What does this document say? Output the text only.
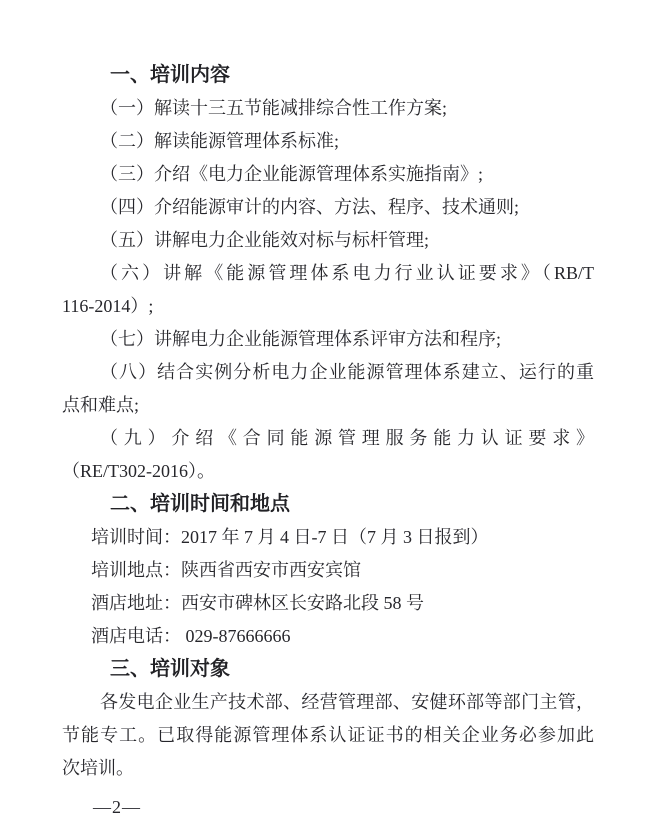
一、培训内容
（一）解读十三五节能减排综合性工作方案;
（二）解读能源管理体系标准;
（三）介绍《电力企业能源管理体系实施指南》;
（四）介绍能源审计的内容、方法、程序、技术通则;
（五）讲解电力企业能效对标与标杆管理;
（六）讲解《能源管理体系电力行业认证要求》（RB/T
116-2014）;
（七）讲解电力企业能源管理体系评审方法和程序;
（八）结合实例分析电力企业能源管理体系建立、运行的重
点和难点;
（九）介绍《合同能源管理服务能力认证要求》
（RE/T302-2016）。
二、培训时间和地点
培训时间：2017 年 7 月 4 日-7 日（7 月 3 日报到）
培训地点：陕西省西安市西安宾馆
酒店地址：西安市碑林区长安路北段 58 号
酒店电话： 029-87666666
三、培训对象
各发电企业生产技术部、经营管理部、安健环部等部门主管，
节能专工。已取得能源管理体系认证证书的相关企业务必参加此
次培训。
—2—
